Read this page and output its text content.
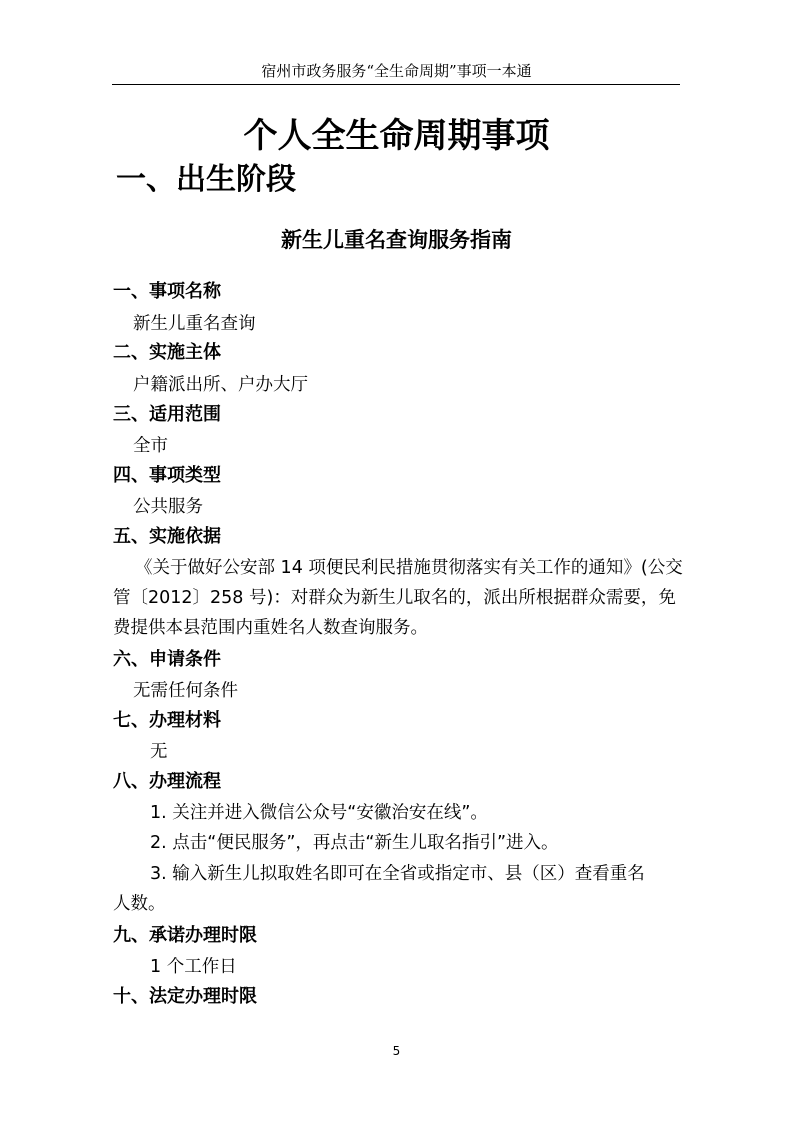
宿州市政务服务“全生命周期”事项一本通
个人全生命周期事项
一、出生阶段
新生儿重名查询服务指南
一、事项名称
新生儿重名查询
二、实施主体
户籍派出所、户办大厅
三、适用范围
全市
四、事项类型
公共服务
五、实施依据
《关于做好公安部 14 项便民利民措施贯彻落实有关工作的通知》(公交管〔2012〕258 号)：对群众为新生儿取名的，派出所根据群众需要，免费提供本县范围内重姓名人数查询服务。
六、申请条件
无需任何条件
七、办理材料
无
八、办理流程
1. 关注并进入微信公众号“安徽治安在线”。
2. 点击“便民服务”，再点击“新生儿取名指引”进入。
3. 输入新生儿拟取姓名即可在全省或指定市、县（区）查看重名
人数。
九、承诺办理时限
1 个工作日
十、法定办理时限
5
